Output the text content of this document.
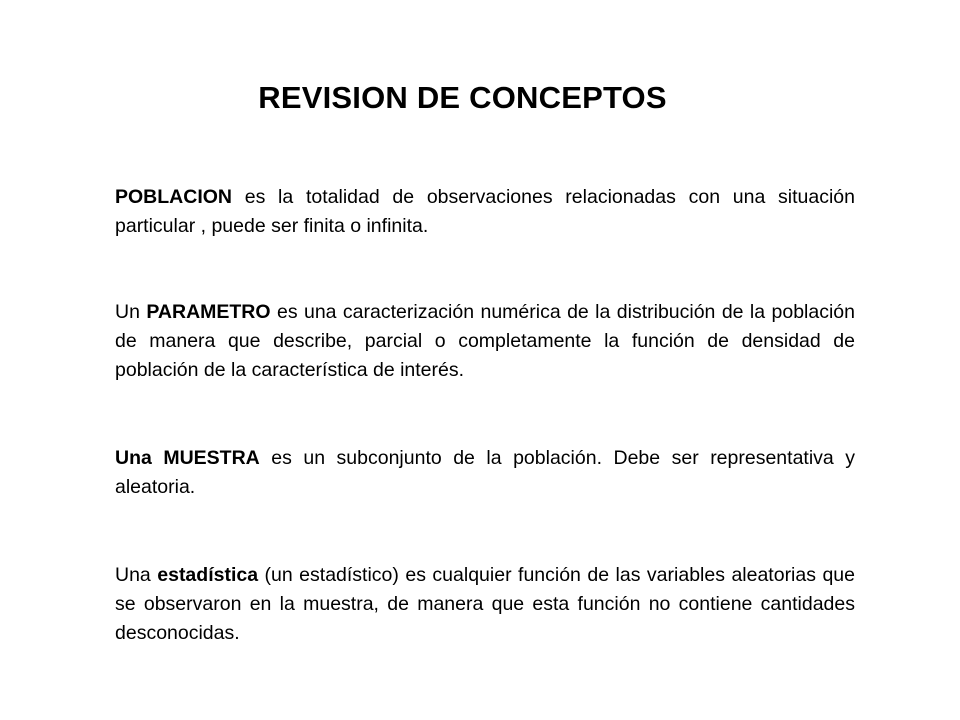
REVISION DE CONCEPTOS

POBLACION es la totalidad de observaciones relacionadas con una situación particular , puede ser finita o infinita.

Un PARAMETRO es una caracterización numérica de la distribución de la población de manera que describe, parcial o completamente la función de densidad de población de la característica de interés.

Una MUESTRA es un subconjunto de la población. Debe ser representativa y aleatoria.

Una estadística (un estadístico) es cualquier función de las variables aleatorias que se observaron en la muestra, de manera que esta función no contiene cantidades desconocidas.
